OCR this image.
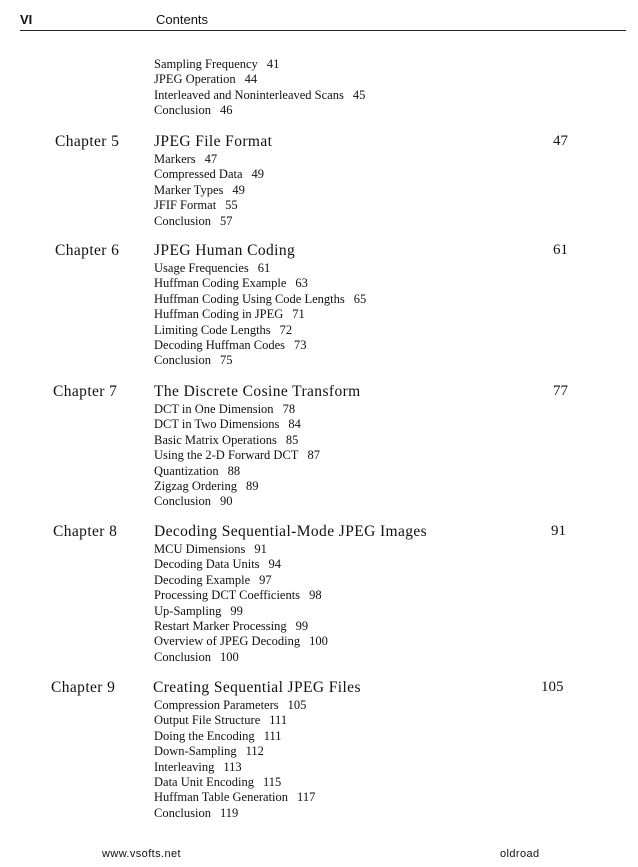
VI	Contents
Sampling Frequency 41
JPEG Operation 44
Interleaved and Noninterleaved Scans 45
Conclusion 46
Chapter 5 JPEG File Format	47
Markers 47
Compressed Data 49
Marker Types 49
JFIF Format 55
Conclusion 57
Chapter 6 JPEG Human Coding	61
Usage Frequencies 61
Huffman Coding Example 63
Huffman Coding Using Code Lengths 65
Huffman Coding in JPEG 71
Limiting Code Lengths 72
Decoding Huffman Codes 73
Conclusion 75
Chapter 7 The Discrete Cosine Transform	77
DCT in One Dimension 78
DCT in Two Dimensions 84
Basic Matrix Operations 85
Using the 2-D Forward DCT 87
Quantization 88
Zigzag Ordering 89
Conclusion 90
Chapter 8 Decoding Sequential-Mode JPEG Images	91
MCU Dimensions 91
Decoding Data Units 94
Decoding Example 97
Processing DCT Coefficients 98
Up-Sampling 99
Restart Marker Processing 99
Overview of JPEG Decoding 100
Conclusion 100
Chapter 9 Creating Sequential JPEG Files	105
Compression Parameters 105
Output File Structure 111
Doing the Encoding 111
Down-Sampling 112
Interleaving 113
Data Unit Encoding 115
Huffman Table Generation 117
Conclusion 119
www.vsofts.net	oldroad
